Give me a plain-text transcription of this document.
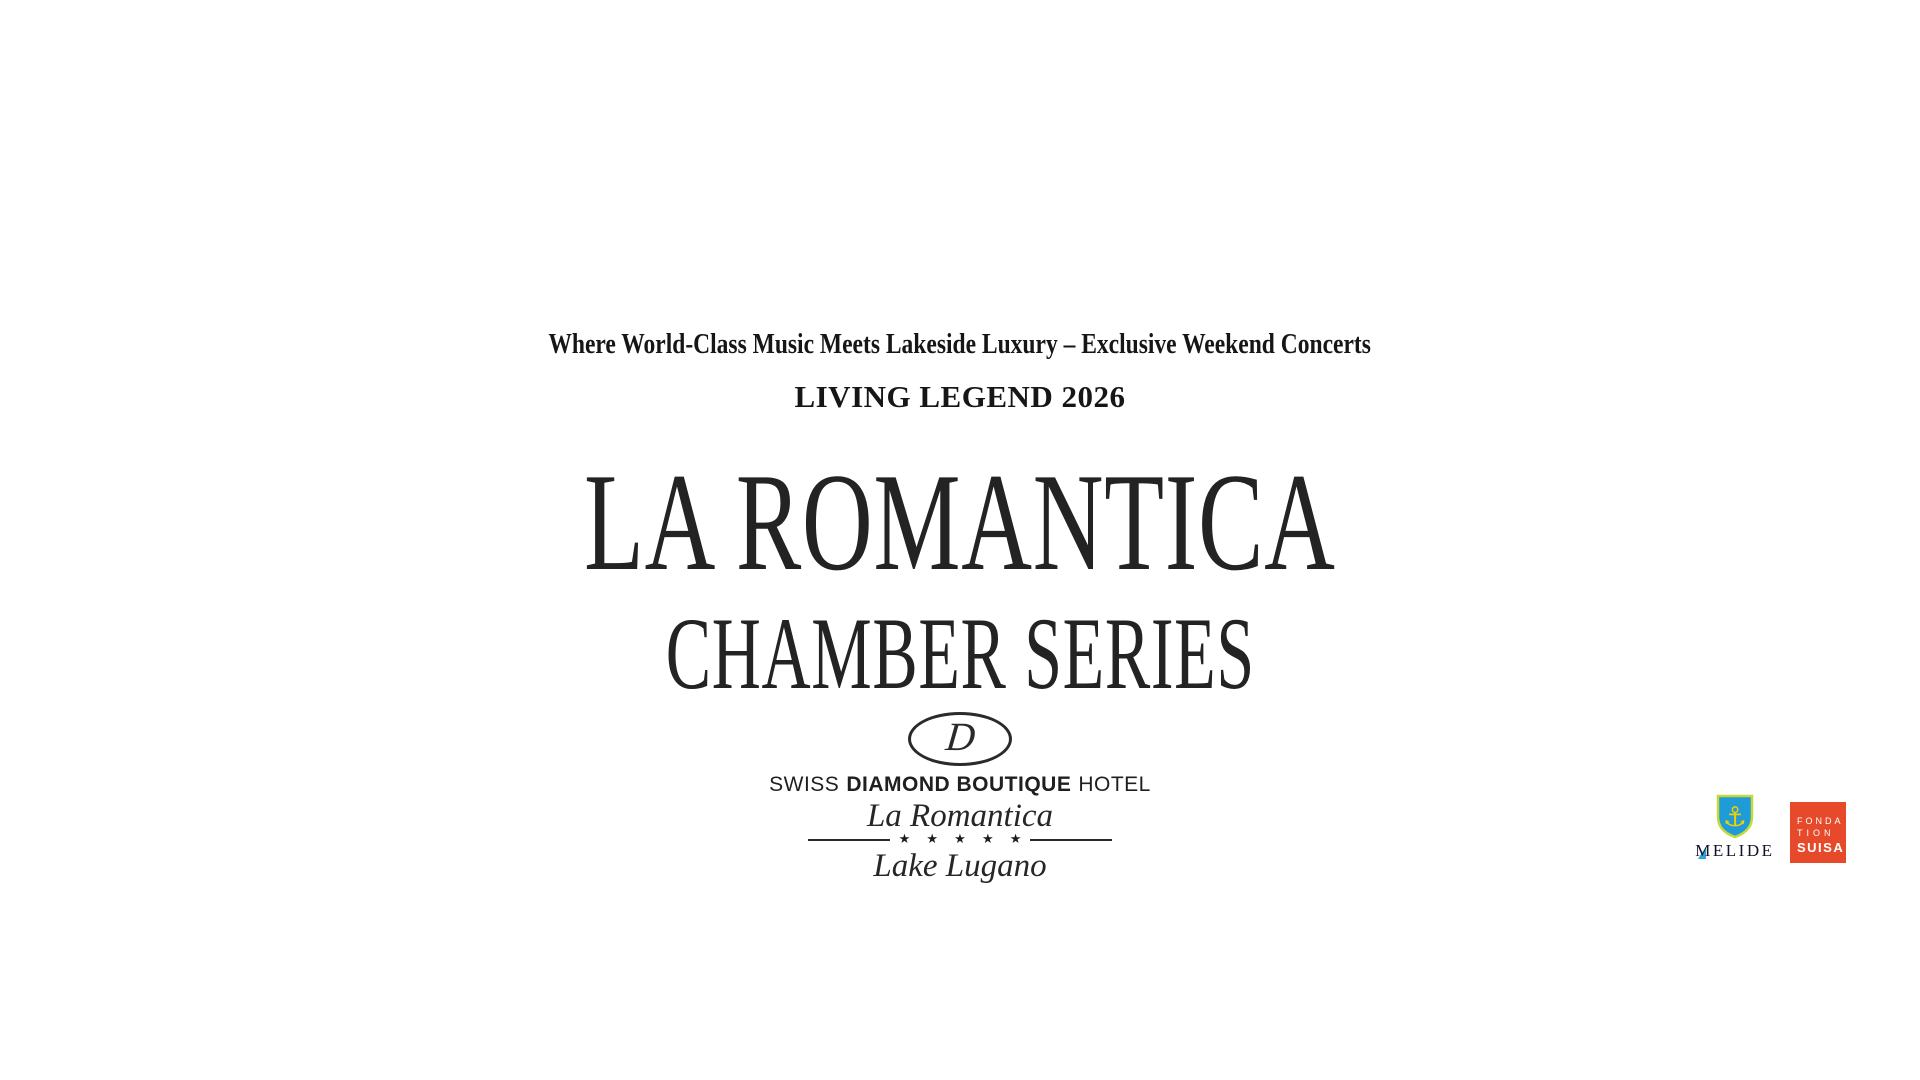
Where World-Class Music Meets Lakeside Luxury – Exclusive Weekend Concerts
LIVING LEGEND 2026
LA ROMANTICA
CHAMBER SERIES
D
SWISS DIAMOND BOUTIQUE HOTEL
La Romantica
★ ★ ★ ★ ★
Lake Lugano
⚓
MELIDE
FONDA
TION
SUISA
